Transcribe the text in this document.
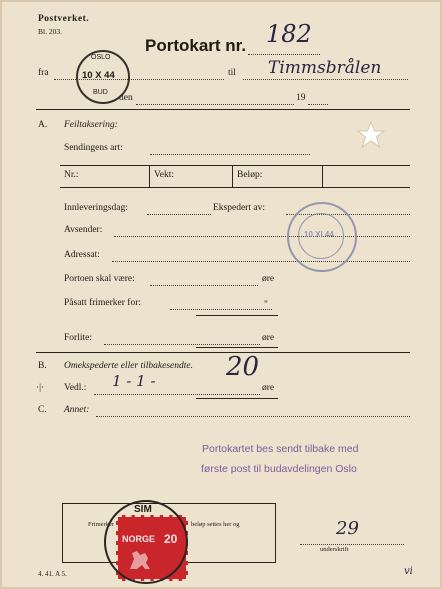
Postverket.
Bl. 203.
Portokart nr. 182
fra	til Timmsbrålen
den	19
OSLO
10 X 44
BUD
A. Feiltaksering:
Sendingens art:
Nr.:	Vekt:	Beløp:
Innleveringsdag:	Ekspedert av:
Avsender:
Adressat:
10 XI 44
Portoen skal være:	øre
Påsatt frimerker for:	"
Forlite:	øre
B. Omekspederte eller tilbakesendte.
·|· Vedl.: 1 - 1 -	20
øre
C. Annet:
Portokartet bes sendt tilbake med
første post til budavdelingen Oslo
Frimerker	beløp settes her og
NORGE 20
SIM
29
underskrift
4. 41. A 5.	vi
